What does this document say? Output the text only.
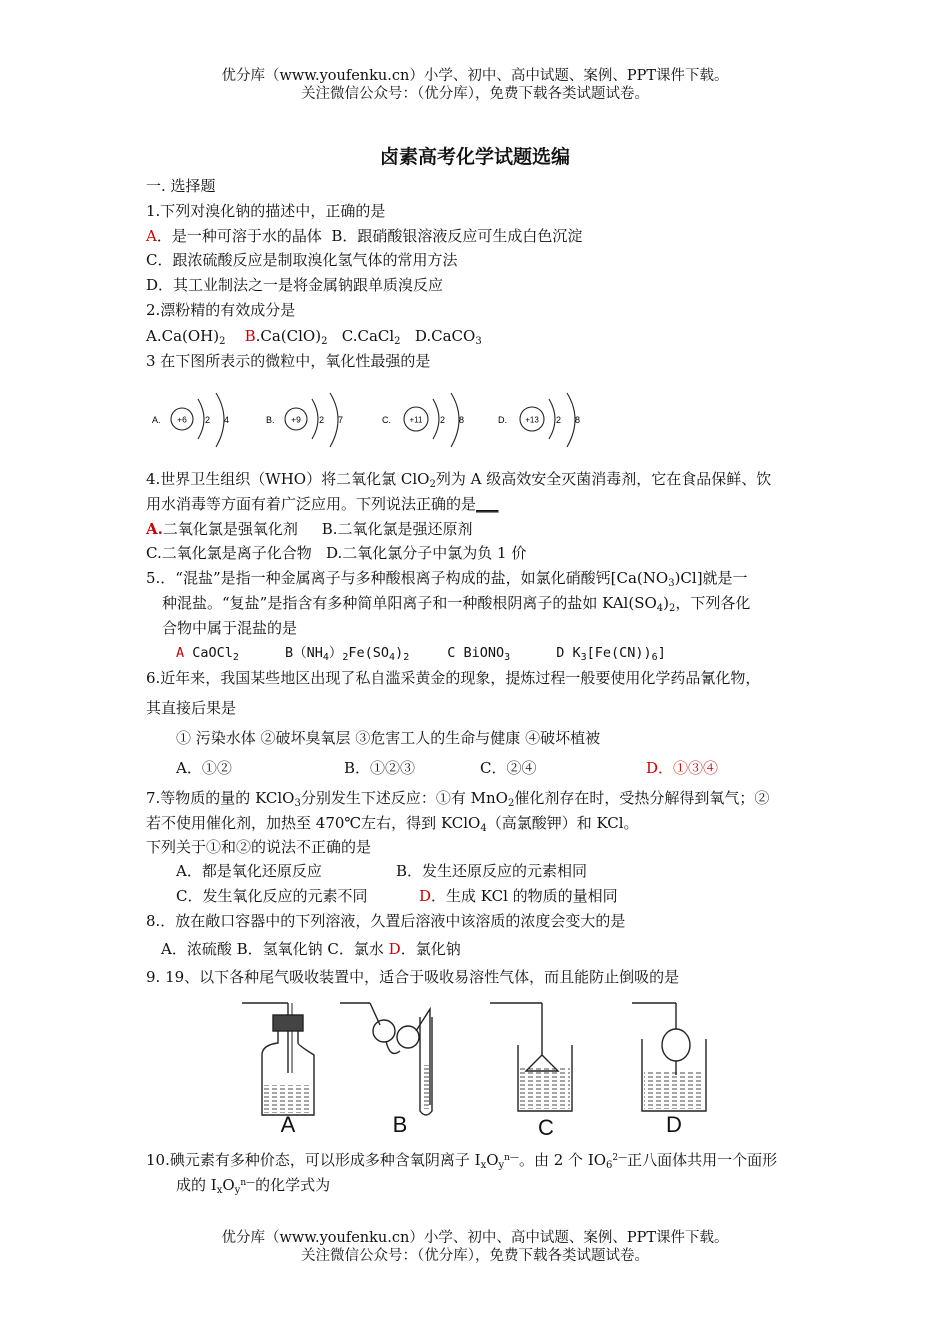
优分库（www.youfenku.cn）小学、初中、高中试题、案例、PPT课件下载。
关注微信公众号：（优分库），免费下载各类试题试卷。
卤素高考化学试题选编
一. 选择题
1.下列对溴化钠的描述中，正确的是
A．是一种可溶于水的晶体 B．跟硝酸银溶液反应可生成白色沉淀
C．跟浓硫酸反应是制取溴化氢气体的常用方法
D．其工业制法之一是将金属钠跟单质溴反应
2.漂粉精的有效成分是
$A.Ca(OH)_2$ $B.Ca(ClO)_2$ C.CaCl$_2$ D.CaCO$_3$
3 在下图所表示的微粒中，氧化性最强的是
A. +6 2 4	B. +9 2 7	C. +11 2 8	D. +13 2 8
4.世界卫生组织（WHO）将二氧化氯 ClO$_2$列为 A 级高效安全灭菌消毒剂，它在食品保鲜、饮
用水消毒等方面有着广泛应用。下列说法正确的是___
A.二氧化氯是强氧化剂 B.二氧化氯是强还原剂
C.二氧化氯是离子化合物 D.二氧化氯分子中氯为负 1 价
5.．“混盐”是指一种金属离子与多种酸根离子构成的盐，如氯化硝酸钙$[Ca(NO_3)Cl]$就是一
种混盐。“复盐”是指含有多种简单阳离子和一种酸根阴离子的盐如 $KAl(SO_4)_2$，下列各化
合物中属于混盐的是
A CaOCl$_2$	$B(NH_4)_2Fe(SO_4)_2$	C BiONO$_3$	D $K_3[Fe(CN))_6$]
6.近年来，我国某些地区出现了私自滥采黄金的现象，提炼过程一般要使用化学药品氰化物，
其直接后果是
① 污染水体 ②破坏臭氧层 ③危害工人的生命与健康 ④破坏植被
A．①②	B．①②③	C．②④	D．①③④
7.等物质的量的 KClO$_3$分别发生下述反应：①有 MnO$_2$催化剂存在时，受热分解得到氧气；②
若不使用催化剂，加热至 470℃左右，得到 KClO$_4$（高氯酸钾）和 KCl。
下列关于①和②的说法不正确的是
A．都是氧化还原反应	B．发生还原反应的元素相同
C．发生氧化反应的元素不同	D．生成 KCl 的物质的量相同
8.．放在敞口容器中的下列溶液，久置后溶液中该溶质的浓度会变大的是
A．浓硫酸 B．氢氧化钠 C．氯水 D．氯化钠
9. 19、以下各种尾气吸收装置中，适合于吸收易溶性气体，而且能防止倒吸的是
A	B	C	D
10.碘元素有多种价态，可以形成多种含氧阴离子 $I_xO_y^{n—}$。由 2 个 $IO_6^{2—}$正八面体共用一个面形
成的 $I_xO_y^{n—}$的化学式为
优分库（www.youfenku.cn）小学、初中、高中试题、案例、PPT课件下载。
关注微信公众号：（优分库），免费下载各类试题试卷。
